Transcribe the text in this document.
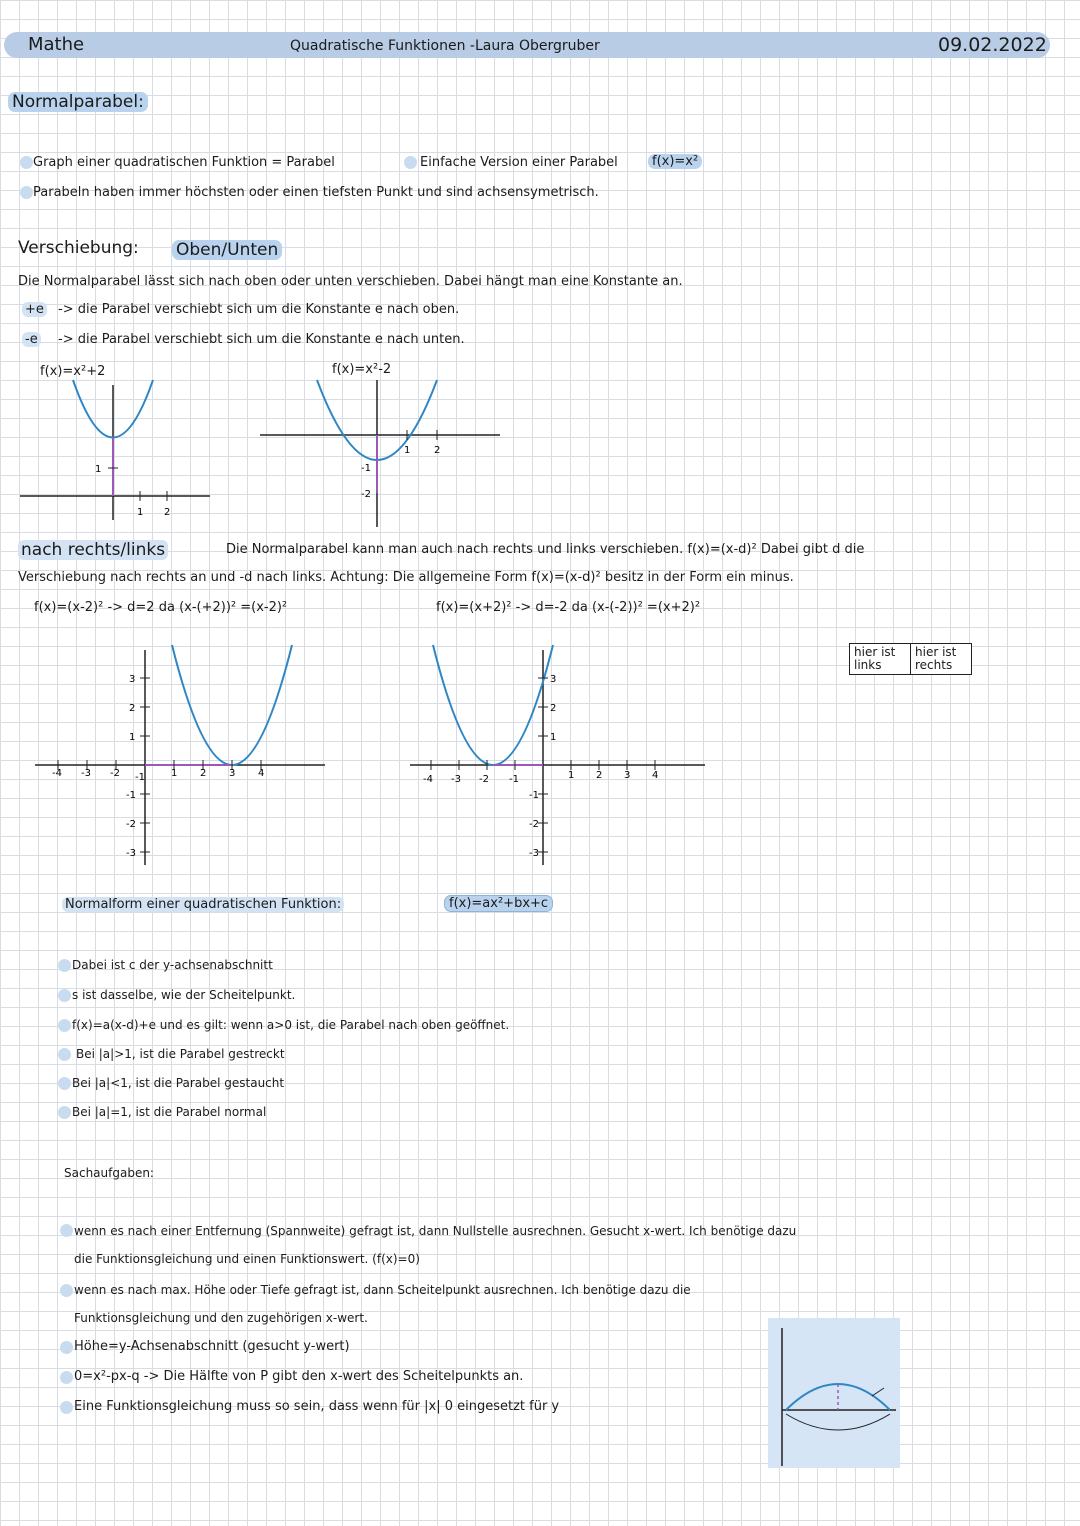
Mathe	Quadratische Funktionen -Laura Obergruber	09.02.2022
Normalparabel:
Graph einer quadratischen Funktion = Parabel	Einfache Version einer Parabel	f(x)=x²
Parabeln haben immer höchsten oder einen tiefsten Punkt und sind achsensymetrisch.
Verschiebung: Oben/Unten
Die Normalparabel lässt sich nach oben oder unten verschieben. Dabei hängt man eine Konstante an.
+e -> die Parabel verschiebt sich um die Konstante e nach oben.
-e -> die Parabel verschiebt sich um die Konstante e nach unten.
f(x)=x²+2	f(x)=x²-2
1
1 2
-1
-2
1 2
nach rechts/links	Die Normalparabel kann man auch nach rechts und links verschieben. f(x)=(x-d)² Dabei gibt d die
Verschiebung nach rechts an und -d nach links. Achtung: Die allgemeine Form f(x)=(x-d)² besitz in der Form ein minus.
f(x)=(x-2)² -> d=2 da (x-(+2))² =(x-2)²	f(x)=(x+2)² -> d=-2 da (x-(-2))² =(x+2)²
hier ist links	hier ist rechts
-4 -3 -2 -1	1 2 3 4
3
2
1
-1
-2
-3
-4 -3 -2 -1	1 2 3 4
3
2
1
-1
-2
-3
Normalform einer quadratischen Funktion:	f(x)=ax²+bx+c
Dabei ist c der y-achsenabschnitt
s ist dasselbe, wie der Scheitelpunkt.
f(x)=a(x-d)+e und es gilt: wenn a>0 ist, die Parabel nach oben geöffnet.
Bei |a|>1, ist die Parabel gestreckt
Bei |a|<1, ist die Parabel gestaucht
Bei |a|=1, ist die Parabel normal
Sachaufgaben:
wenn es nach einer Entfernung (Spannweite) gefragt ist, dann Nullstelle ausrechnen. Gesucht x-wert. Ich benötige dazu
die Funktionsgleichung und einen Funktionswert. (f(x)=0)
wenn es nach max. Höhe oder Tiefe gefragt ist, dann Scheitelpunkt ausrechnen. Ich benötige dazu die
Funktionsgleichung und den zugehörigen x-wert.
Höhe=y-Achsenabschnitt (gesucht y-wert)
0=x²-px-q -> Die Hälfte von P gibt den x-wert des Scheitelpunkts an.
Eine Funktionsgleichung muss so sein, dass wenn für |x| 0 eingesetzt für y
